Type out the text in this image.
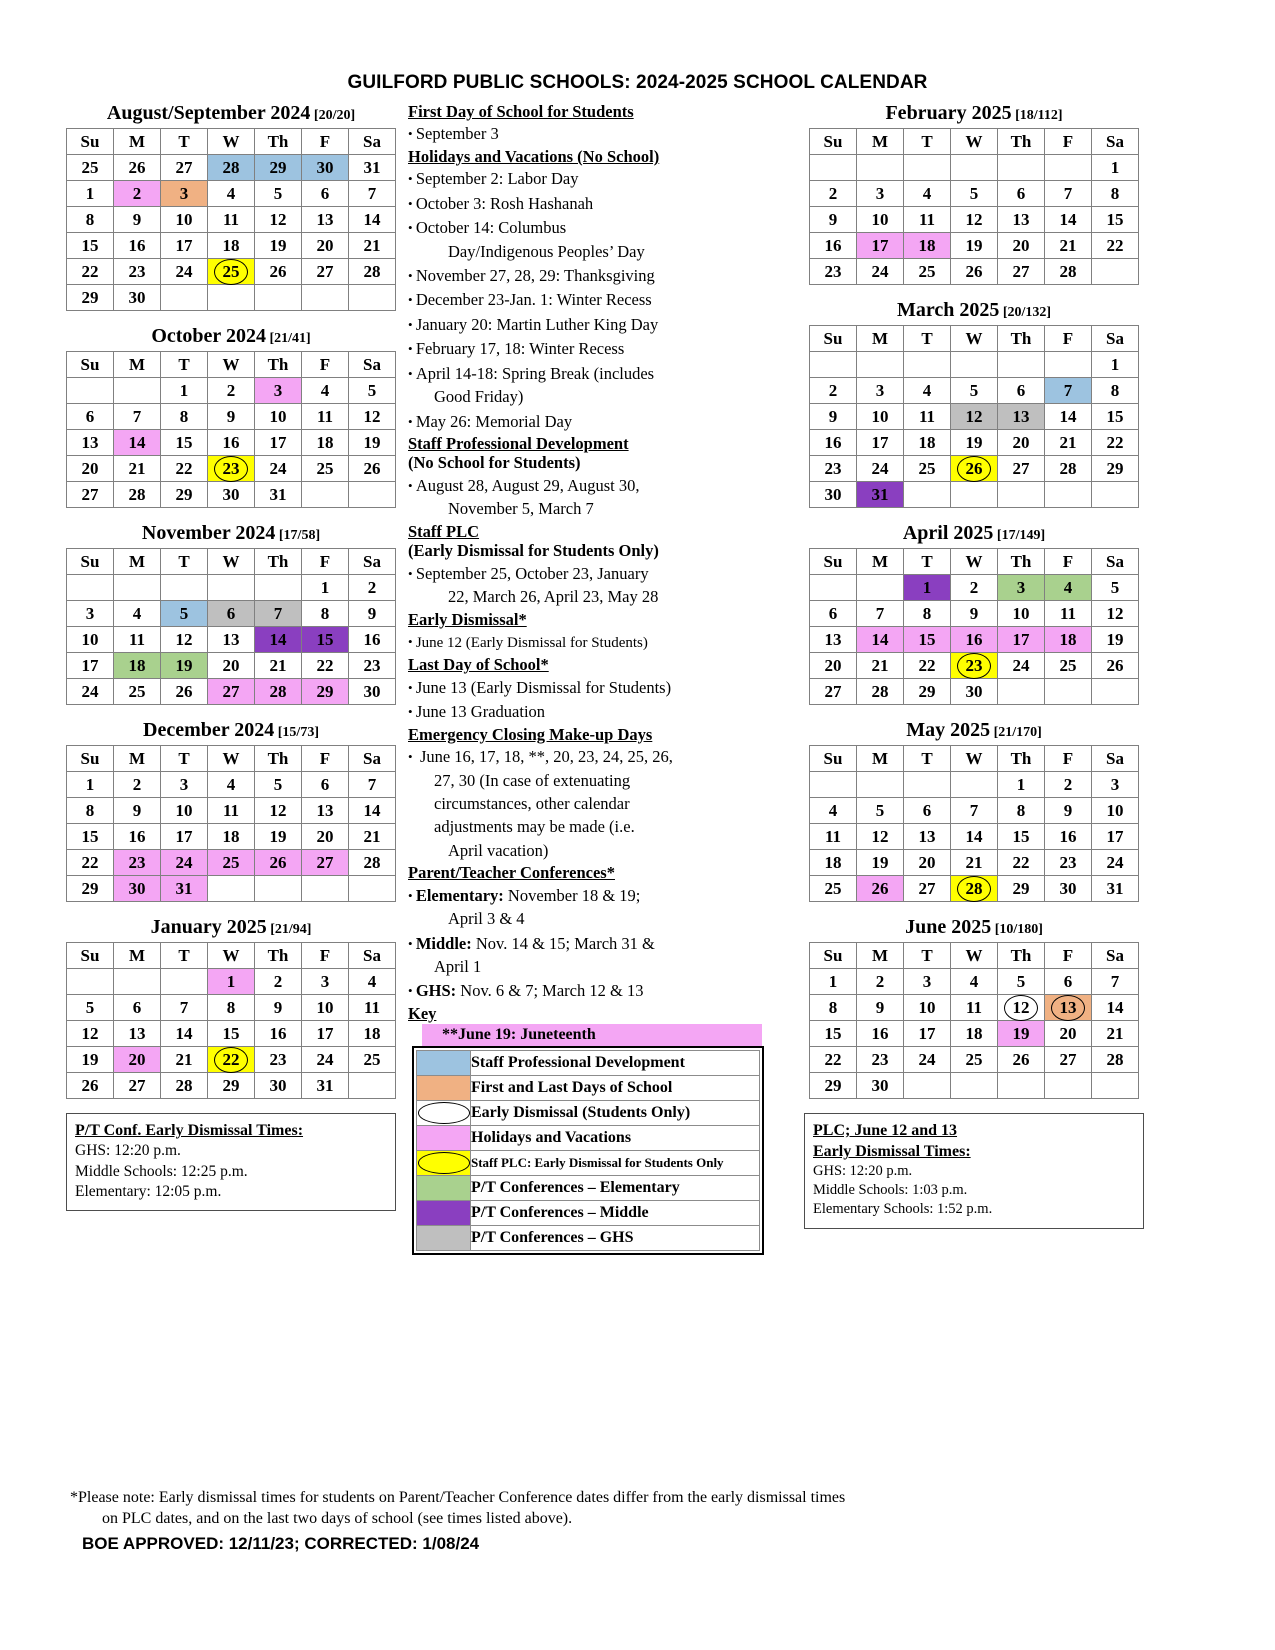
GUILFORD PUBLIC SCHOOLS: 2024-2025 SCHOOL CALENDAR
August/September 2024 [20/20]
Su	M	T	W	Th	F	Sa
25	26	27	28	29	30	31
1	2	3	4	5	6	7
8	9	10	11	12	13	14
15	16	17	18	19	20	21
22	23	24	25	26	27	28
29	30					
October 2024 [21/41]
Su	M	T	W	Th	F	Sa
		1	2	3	4	5
6	7	8	9	10	11	12
13	14	15	16	17	18	19
20	21	22	23	24	25	26
27	28	29	30	31		
November 2024 [17/58]
Su	M	T	W	Th	F	Sa
					1	2
3	4	5	6	7	8	9
10	11	12	13	14	15	16
17	18	19	20	21	22	23
24	25	26	27	28	29	30
December 2024 [15/73]
Su	M	T	W	Th	F	Sa
1	2	3	4	5	6	7
8	9	10	11	12	13	14
15	16	17	18	19	20	21
22	23	24	25	26	27	28
29	30	31				
January 2025 [21/94]
Su	M	T	W	Th	F	Sa
			1	2	3	4
5	6	7	8	9	10	11
12	13	14	15	16	17	18
19	20	21	22	23	24	25
26	27	28	29	30	31	
P/T Conf. Early Dismissal Times:
GHS: 12:20 p.m.
Middle Schools: 12:25 p.m.
Elementary: 12:05 p.m.
First Day of School for Students
• September 3
Holidays and Vacations (No School)
• September 2: Labor Day
• October 3: Rosh Hashanah
• October 14: Columbus
Day/Indigenous Peoples’ Day
• November 27, 28, 29: Thanksgiving
• December 23-Jan. 1: Winter Recess
• January 20: Martin Luther King Day
• February 17, 18: Winter Recess
• April 14-18: Spring Break (includes
Good Friday)
• May 26: Memorial Day
Staff Professional Development
(No School for Students)
• August 28, August 29, August 30,
November 5, March 7
Staff PLC
(Early Dismissal for Students Only)
• September 25, October 23, January
22, March 26, April 23, May 28
Early Dismissal*
• June 12 (Early Dismissal for Students)
Last Day of School*
• June 13 (Early Dismissal for Students)
• June 13 Graduation
Emergency Closing Make-up Days
• June 16, 17, 18, **, 20, 23, 24, 25, 26,
27, 30 (In case of extenuating
circumstances, other calendar
adjustments may be made (i.e.
April vacation)
Parent/Teacher Conferences*
• Elementary: November 18 & 19;
April 3 & 4
• Middle: Nov. 14 & 15; March 31 &
April 1
• GHS: Nov. 6 & 7; March 12 & 13
Key
**June 19: Juneteenth
	Staff Professional Development
	First and Last Days of School

	Early Dismissal (Students Only)
	Holidays and Vacations

	Staff PLC: Early Dismissal for Students Only
	P/T Conferences – Elementary
	P/T Conferences – Middle
	P/T Conferences – GHS
February 2025 [18/112]
Su	M	T	W	Th	F	Sa
						1
2	3	4	5	6	7	8
9	10	11	12	13	14	15
16	17	18	19	20	21	22
23	24	25	26	27	28	
March 2025 [20/132]
Su	M	T	W	Th	F	Sa
						1
2	3	4	5	6	7	8
9	10	11	12	13	14	15
16	17	18	19	20	21	22
23	24	25	26	27	28	29
30	31					
April 2025 [17/149]
Su	M	T	W	Th	F	Sa
		1	2	3	4	5
6	7	8	9	10	11	12
13	14	15	16	17	18	19
20	21	22	23	24	25	26
27	28	29	30			
May 2025 [21/170]
Su	M	T	W	Th	F	Sa
				1	2	3
4	5	6	7	8	9	10
11	12	13	14	15	16	17
18	19	20	21	22	23	24
25	26	27	28	29	30	31
June 2025 [10/180]
Su	M	T	W	Th	F	Sa
1	2	3	4	5	6	7
8	9	10	11	12	13	14
15	16	17	18	19	20	21
22	23	24	25	26	27	28
29	30					
PLC; June 12 and 13
Early Dismissal Times:
GHS: 12:20 p.m.
Middle Schools: 1:03 p.m.
Elementary Schools: 1:52 p.m.
*Please note: Early dismissal times for students on Parent/Teacher Conference dates differ from the early dismissal times
on PLC dates, and on the last two days of school (see times listed above).
BOE APPROVED: 12/11/23; CORRECTED: 1/08/24
